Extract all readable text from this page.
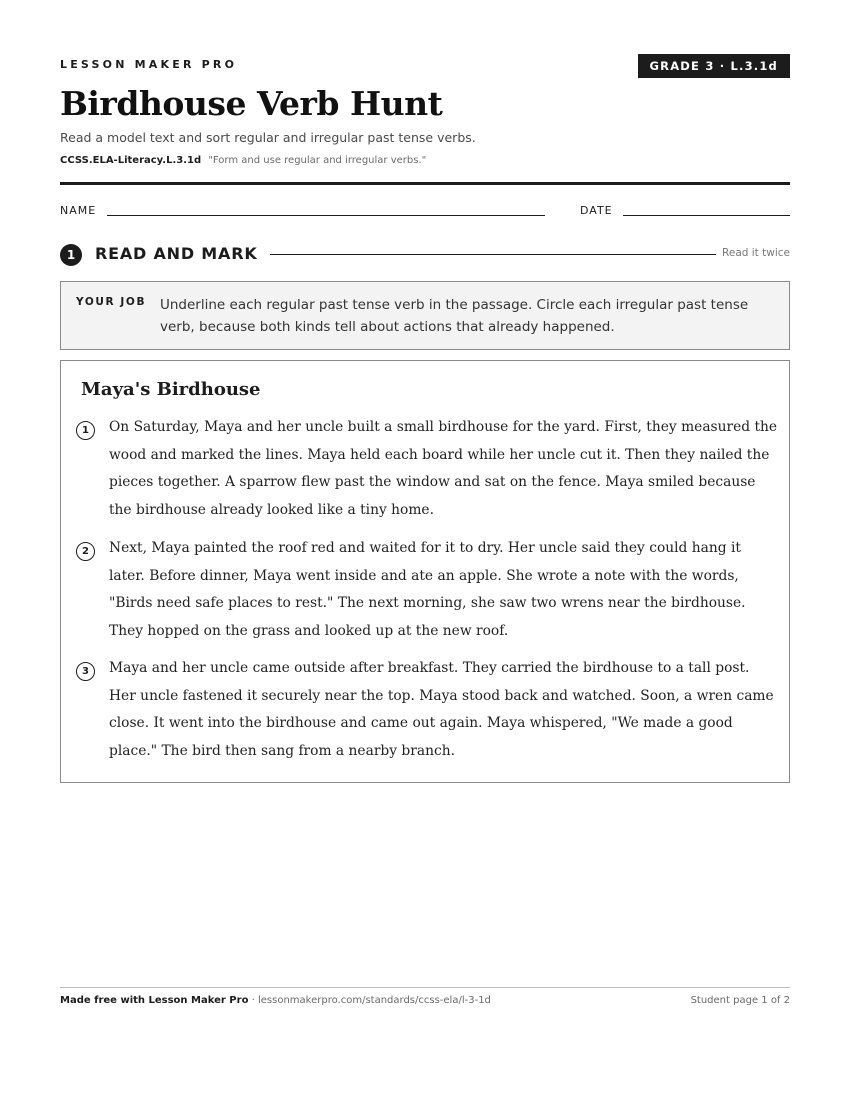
LESSON MAKER PRO	GRADE 3 · L.3.1d
Birdhouse Verb Hunt
Read a model text and sort regular and irregular past tense verbs.
CCSS.ELA-Literacy.L.3.1d "Form and use regular and irregular verbs."
NAME	DATE
1	READ AND MARK	Read it twice
YOUR JOB Underline each regular past tense verb in the passage. Circle each irregular past tense verb, because both kinds tell about actions that already happened.
Maya's Birdhouse
1	On Saturday, Maya and her uncle built a small birdhouse for the yard. First, they measured the wood and marked the lines. Maya held each board while her uncle cut it. Then they nailed the pieces together. A sparrow flew past the window and sat on the fence. Maya smiled because the birdhouse already looked like a tiny home.
2	Next, Maya painted the roof red and waited for it to dry. Her uncle said they could hang it later. Before dinner, Maya went inside and ate an apple. She wrote a note with the words, "Birds need safe places to rest." The next morning, she saw two wrens near the birdhouse. They hopped on the grass and looked up at the new roof.
3	Maya and her uncle came outside after breakfast. They carried the birdhouse to a tall post. Her uncle fastened it securely near the top. Maya stood back and watched. Soon, a wren came close. It went into the birdhouse and came out again. Maya whispered, "We made a good place." The bird then sang from a nearby branch.
Made free with Lesson Maker Pro · lessonmakerpro.com/standards/ccss-ela/l-3-1d	Student page 1 of 2
